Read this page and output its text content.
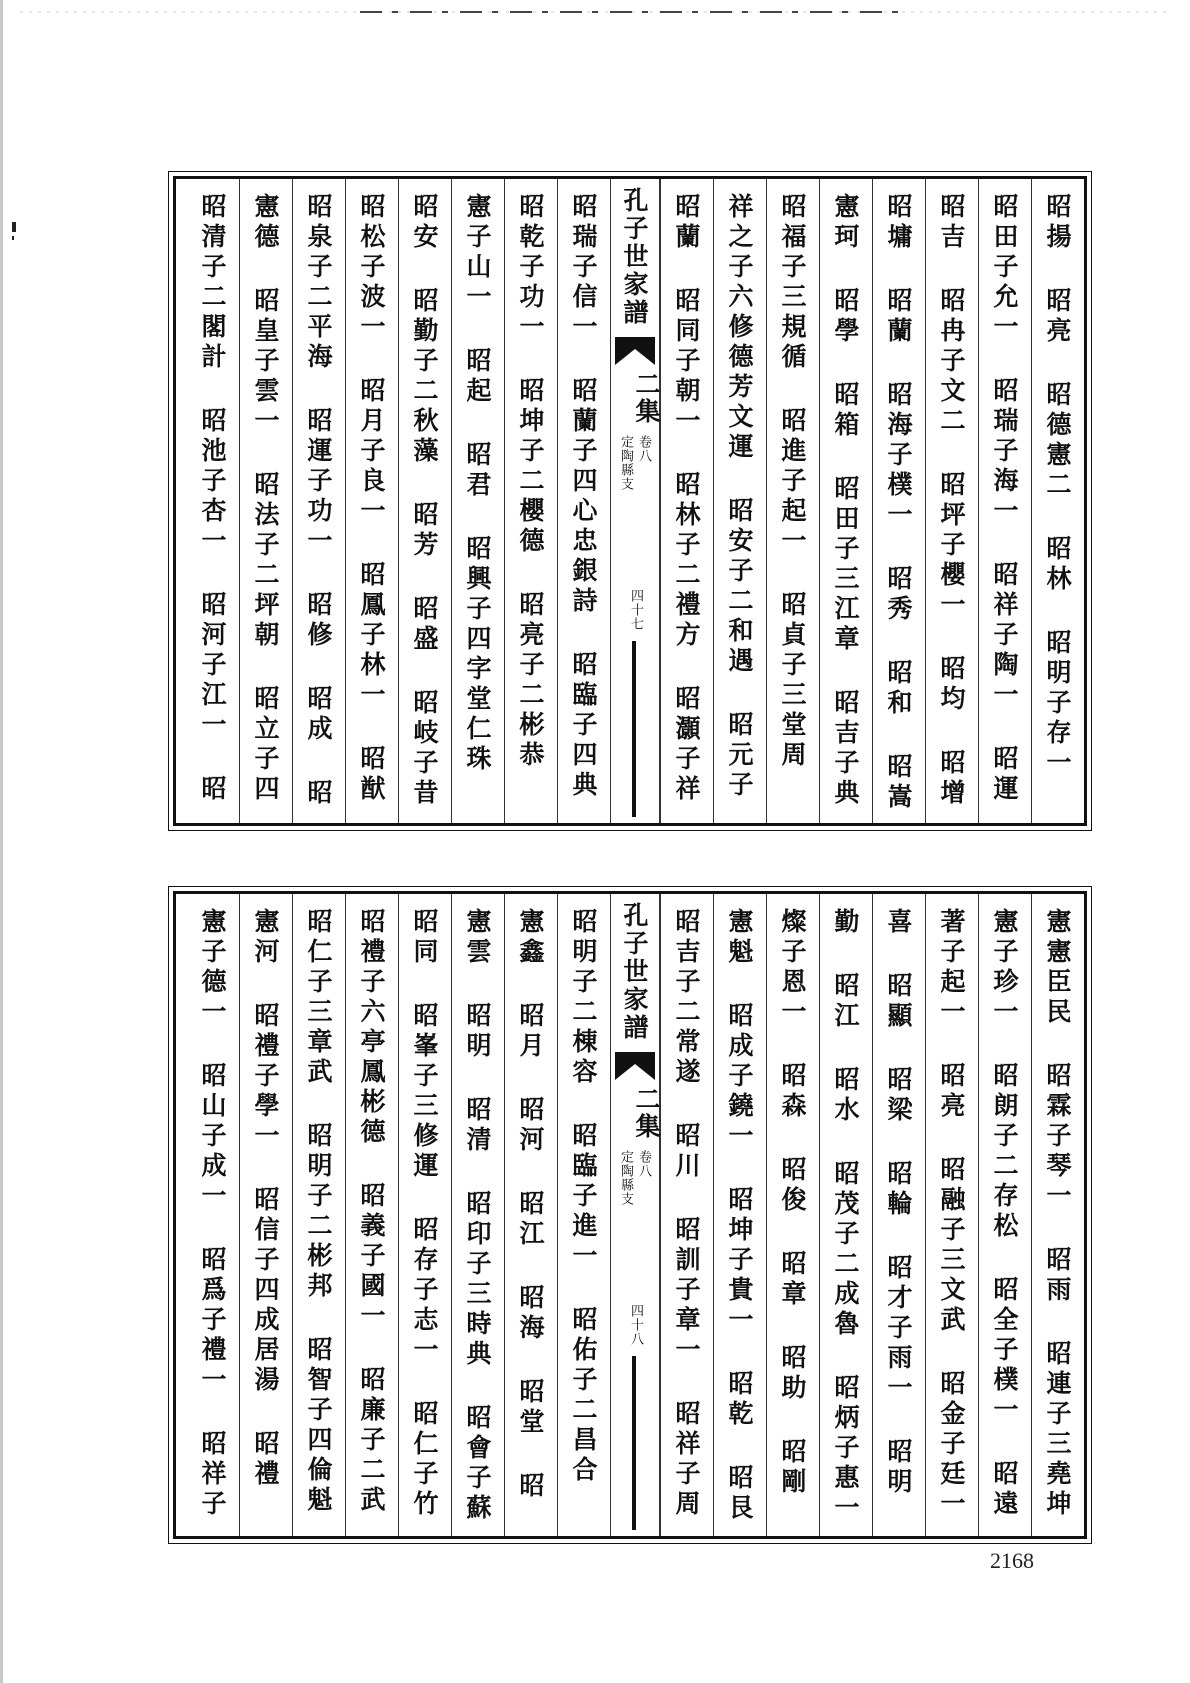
昭揚 昭亮 昭德憲二 昭林 昭明子存一
昭田子允一 昭瑞子海一 昭祥子陶一 昭運
昭吉 昭冉子文二 昭坪子櫻一 昭均 昭增
昭墉 昭蘭 昭海子樸一 昭秀 昭和 昭嵩
憲珂 昭學 昭箱 昭田子三江章 昭吉子典
昭福子三規循 昭進子起一 昭貞子三堂周
祥之子六修德芳文運 昭安子二和遇 昭元子
昭蘭 昭同子朝一 昭林子二禮方 昭灝子祥
孔子世家譜
二集
卷八
定陶縣支
四十七
昭瑞子信一 昭蘭子四心忠銀詩 昭臨子四典
昭乾子功一 昭坤子二櫻德 昭亮子二彬恭
憲子山一 昭起 昭君 昭興子四字堂仁珠
昭安 昭勤子二秋藻 昭芳 昭盛 昭岐子昔
昭松子波一 昭月子良一 昭鳳子林一 昭猷
昭泉子二平海 昭運子功一 昭修 昭成 昭
憲德 昭皇子雲一 昭法子二坪朝 昭立子四
昭清子二閣計 昭池子杏一 昭河子江一 昭
憲憲臣民 昭霖子琴一 昭雨 昭連子三堯坤
憲子珍一 昭朗子二存松 昭全子樸一 昭遠
著子起一 昭亮 昭融子三文武 昭金子廷一
喜 昭顯 昭梁 昭輪 昭才子雨一 昭明
勤 昭江 昭水 昭茂子二成魯 昭炳子惠一
燦子恩一 昭森 昭俊 昭章 昭助 昭剛
憲魁 昭成子鐃一 昭坤子貴一 昭乾 昭艮
昭吉子二常遂 昭川 昭訓子章一 昭祥子周
孔子世家譜
二集
卷八
定陶縣支
四十八
昭明子二棟容 昭臨子進一 昭佑子二昌合
憲鑫 昭月 昭河 昭江 昭海 昭堂 昭
憲雲 昭明 昭清 昭印子三時典 昭會子蘇
昭同 昭峯子三修運 昭存子志一 昭仁子竹
昭禮子六亭鳳彬德 昭義子國一 昭廉子二武
昭仁子三章武 昭明子二彬邦 昭智子四倫魁
憲河 昭禮子學一 昭信子四成居湯 昭禮
憲子德一 昭山子成一 昭爲子禮一 昭祥子
2168
